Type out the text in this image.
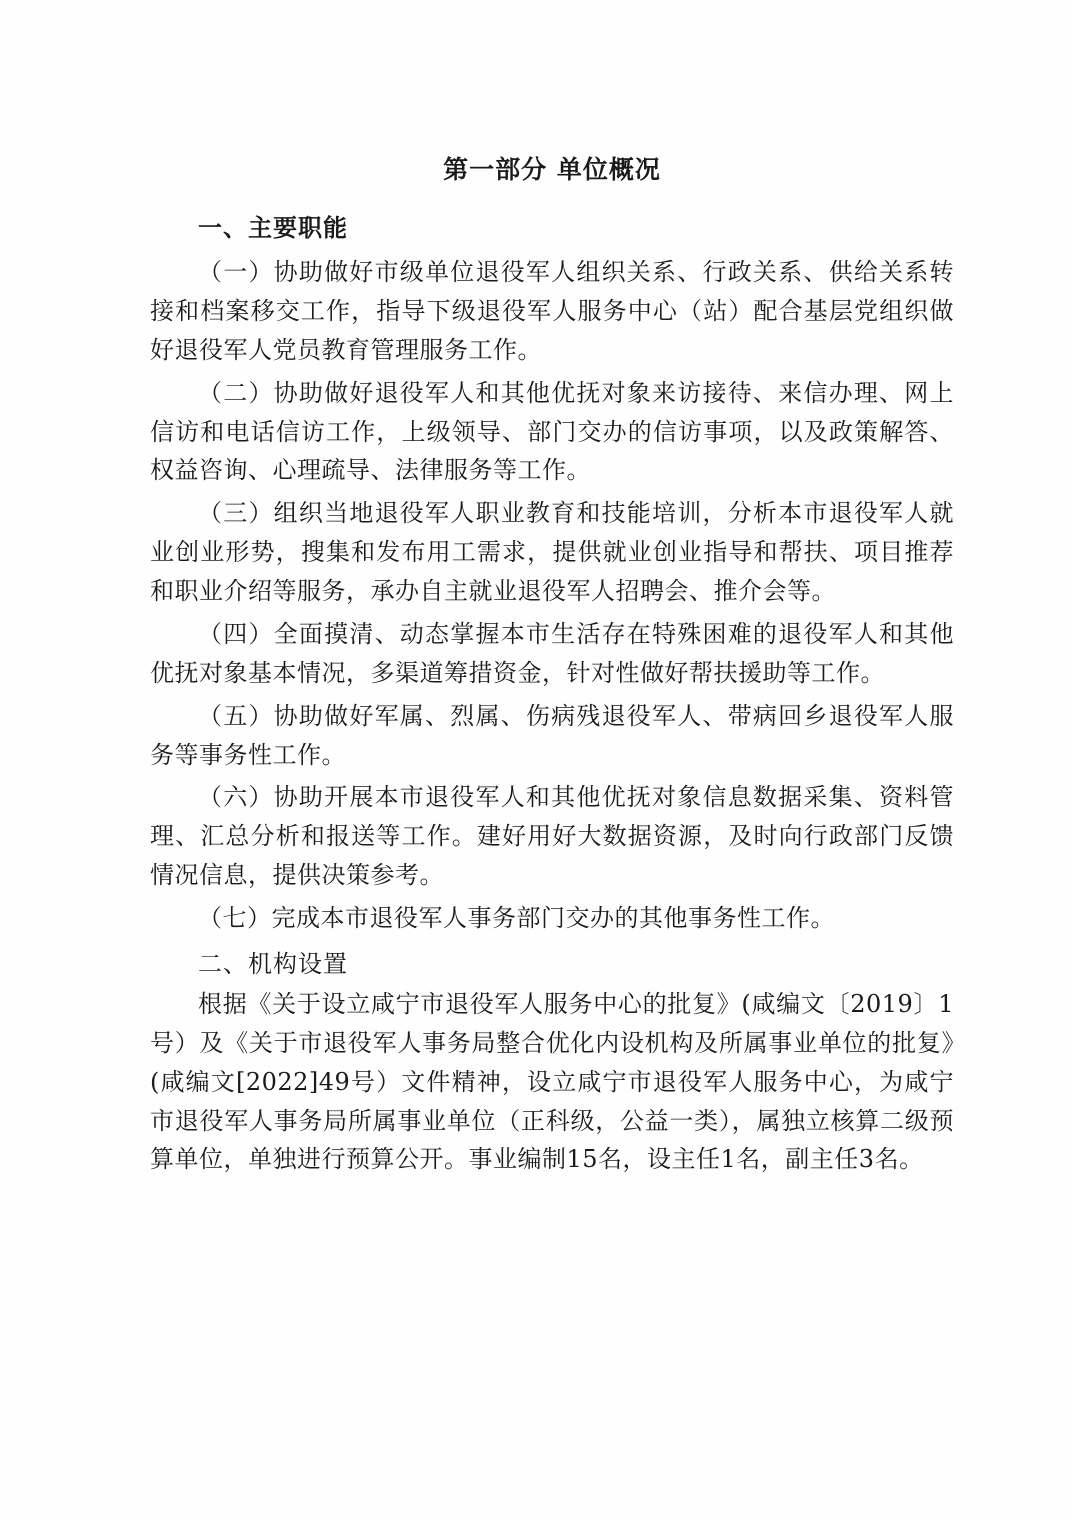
第一部分 单位概况
一、主要职能

（一）协助做好市级单位退役军人组织关系、行政关系、供给关系转接和档案移交工作，指导下级退役军人服务中心（站）配合基层党组织做好退役军人党员教育管理服务工作。

（二）协助做好退役军人和其他优抚对象来访接待、来信办理、网上信访和电话信访工作，上级领导、部门交办的信访事项，以及政策解答、权益咨询、心理疏导、法律服务等工作。

（三）组织当地退役军人职业教育和技能培训，分析本市退役军人就业创业形势，搜集和发布用工需求，提供就业创业指导和帮扶、项目推荐和职业介绍等服务，承办自主就业退役军人招聘会、推介会等。

（四）全面摸清、动态掌握本市生活存在特殊困难的退役军人和其他优抚对象基本情况，多渠道筹措资金，针对性做好帮扶援助等工作。

（五）协助做好军属、烈属、伤病残退役军人、带病回乡退役军人服务等事务性工作。

（六）协助开展本市退役军人和其他优抚对象信息数据采集、资料管理、汇总分析和报送等工作。建好用好大数据资源，及时向行政部门反馈情况信息，提供决策参考。

（七）完成本市退役军人事务部门交办的其他事务性工作。

二、机构设置

根据《关于设立咸宁市退役军人服务中心的批复》(咸编文〔2019〕1号）及《关于市退役军人事务局整合优化内设机构及所属事业单位的批复》(咸编文[2022]49号）文件精神，设立咸宁市退役军人服务中心，为咸宁市退役军人事务局所属事业单位（正科级，公益一类），属独立核算二级预算单位，单独进行预算公开。事业编制15名，设主任1名，副主任3名。
